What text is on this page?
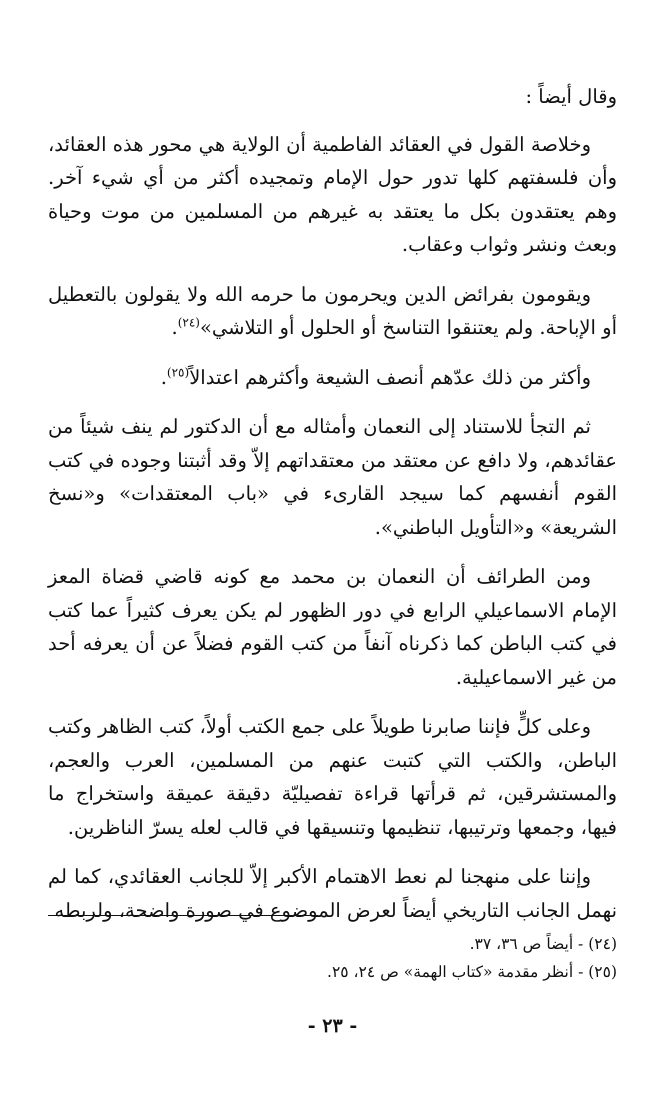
وقال أيضاً :

وخلاصة القول في العقائد الفاطمية أن الولاية هي محور هذه العقائد، وأن فلسفتهم كلها تدور حول الإمام وتمجيده أكثر من أي شيء آخر. وهم يعتقدون بكل ما يعتقد به غيرهم من المسلمين من موت وحياة وبعث ونشر وثواب وعقاب.

ويقومون بفرائض الدين ويحرمون ما حرمه الله ولا يقولون بالتعطيل أو الإباحة. ولم يعتنقوا التناسخ أو الحلول أو التلاشي»$^{(٢٤)}$.

وأكثر من ذلك عدّهم أنصف الشيعة وأكثرهم اعتدالاً$^{(٢٥)}$.

ثم التجأ للاستناد إلى النعمان وأمثاله مع أن الدكتور لم ينف شيئاً من عقائدهم، ولا دافع عن معتقد من معتقداتهم إلاّ وقد أثبتنا وجوده في كتب القوم أنفسهم كما سيجد القارىء في «باب المعتقدات» و«نسخ الشريعة» و«التأويل الباطني».

ومن الطرائف أن النعمان بن محمد مع كونه قاضي قضاة المعز الإمام الاسماعيلي الرابع في دور الظهور لم يكن يعرف كثيراً عما كتب في كتب الباطن كما ذكرناه آنفاً من كتب القوم فضلاً عن أن يعرفه أحد من غير الاسماعيلية.

وعلى كلٍّ فإننا صابرنا طويلاً على جمع الكتب أولاً، كتب الظاهر وكتب الباطن، والكتب التي كتبت عنهم من المسلمين، العرب والعجم، والمستشرقين، ثم قرأتها قراءة تفصيليّة دقيقة عميقة واستخراج ما فيها، وجمعها وترتيبها، تنظيمها وتنسيقها في قالب لعله يسرّ الناظرين.

وإننا على منهجنا لم نعط الاهتمام الأكبر إلاّ للجانب العقائدي، كما لم نهمل الجانب التاريخي أيضاً لعرض الموضوع في صورة واضحة، ولربطه

(٢٤) - أيضاً ص ٣٦، ٣٧.

(٢٥) - أنظر مقدمة «كتاب الهمة» ص ٢٤، ٢٥.

- ٢٣ -
